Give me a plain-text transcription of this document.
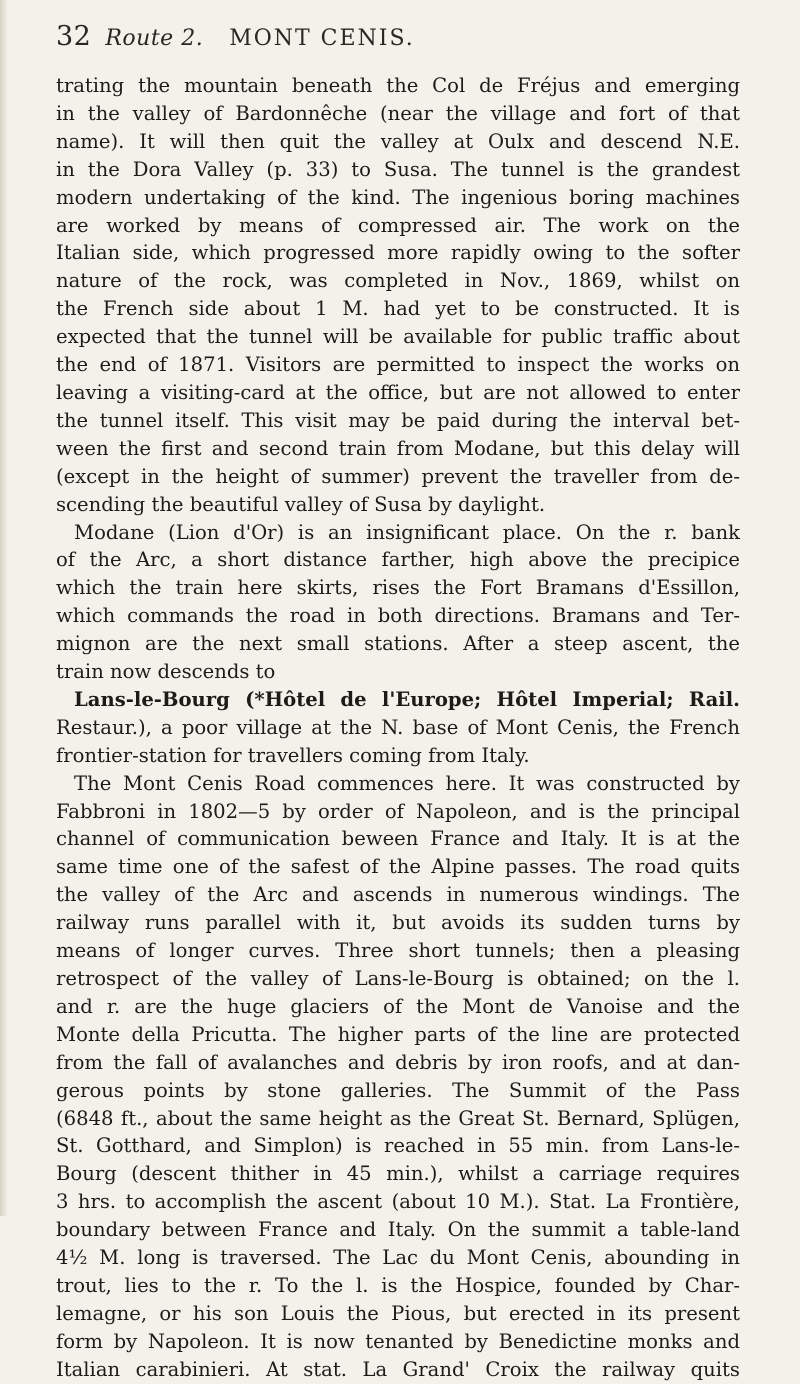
32 Route 2. MONT CENIS.
trating the mountain beneath the Col de Fréjus and emerging
in the valley of Bardonnêche (near the village and fort of that
name). It will then quit the valley at Oulx and descend N.E.
in the Dora Valley (p. 33) to Susa. The tunnel is the grandest
modern undertaking of the kind. The ingenious boring machines
are worked by means of compressed air. The work on the
Italian side, which progressed more rapidly owing to the softer
nature of the rock, was completed in Nov., 1869, whilst on
the French side about 1 M. had yet to be constructed. It is
expected that the tunnel will be available for public traffic about
the end of 1871. Visitors are permitted to inspect the works on
leaving a visiting-card at the office, but are not allowed to enter
the tunnel itself. This visit may be paid during the interval bet-
ween the first and second train from Modane, but this delay will
(except in the height of summer) prevent the traveller from de-
scending the beautiful valley of Susa by daylight.
Modane (Lion d'Or) is an insignificant place. On the r. bank
of the Arc, a short distance farther, high above the precipice
which the train here skirts, rises the Fort Bramans d'Essillon,
which commands the road in both directions. Bramans and Ter-
mignon are the next small stations. After a steep ascent, the
train now descends to
Lans-le-Bourg (*Hôtel de l'Europe; Hôtel Imperial; Rail.
Restaur.), a poor village at the N. base of Mont Cenis, the French
frontier-station for travellers coming from Italy.
The Mont Cenis Road commences here. It was constructed by
Fabbroni in 1802—5 by order of Napoleon, and is the principal
channel of communication beween France and Italy. It is at the
same time one of the safest of the Alpine passes. The road quits
the valley of the Arc and ascends in numerous windings. The
railway runs parallel with it, but avoids its sudden turns by
means of longer curves. Three short tunnels; then a pleasing
retrospect of the valley of Lans-le-Bourg is obtained; on the l.
and r. are the huge glaciers of the Mont de Vanoise and the
Monte della Pricutta. The higher parts of the line are protected
from the fall of avalanches and debris by iron roofs, and at dan-
gerous points by stone galleries. The Summit of the Pass
(6848 ft., about the same height as the Great St. Bernard, Splügen,
St. Gotthard, and Simplon) is reached in 55 min. from Lans-le-
Bourg (descent thither in 45 min.), whilst a carriage requires
3 hrs. to accomplish the ascent (about 10 M.). Stat. La Frontière,
boundary between France and Italy. On the summit a table-land
4½ M. long is traversed. The Lac du Mont Cenis, abounding in
trout, lies to the r. To the l. is the Hospice, founded by Char-
lemagne, or his son Louis the Pious, but erected in its present
form by Napoleon. It is now tenanted by Benedictine monks and
Italian carabinieri. At stat. La Grand' Croix the railway quits
